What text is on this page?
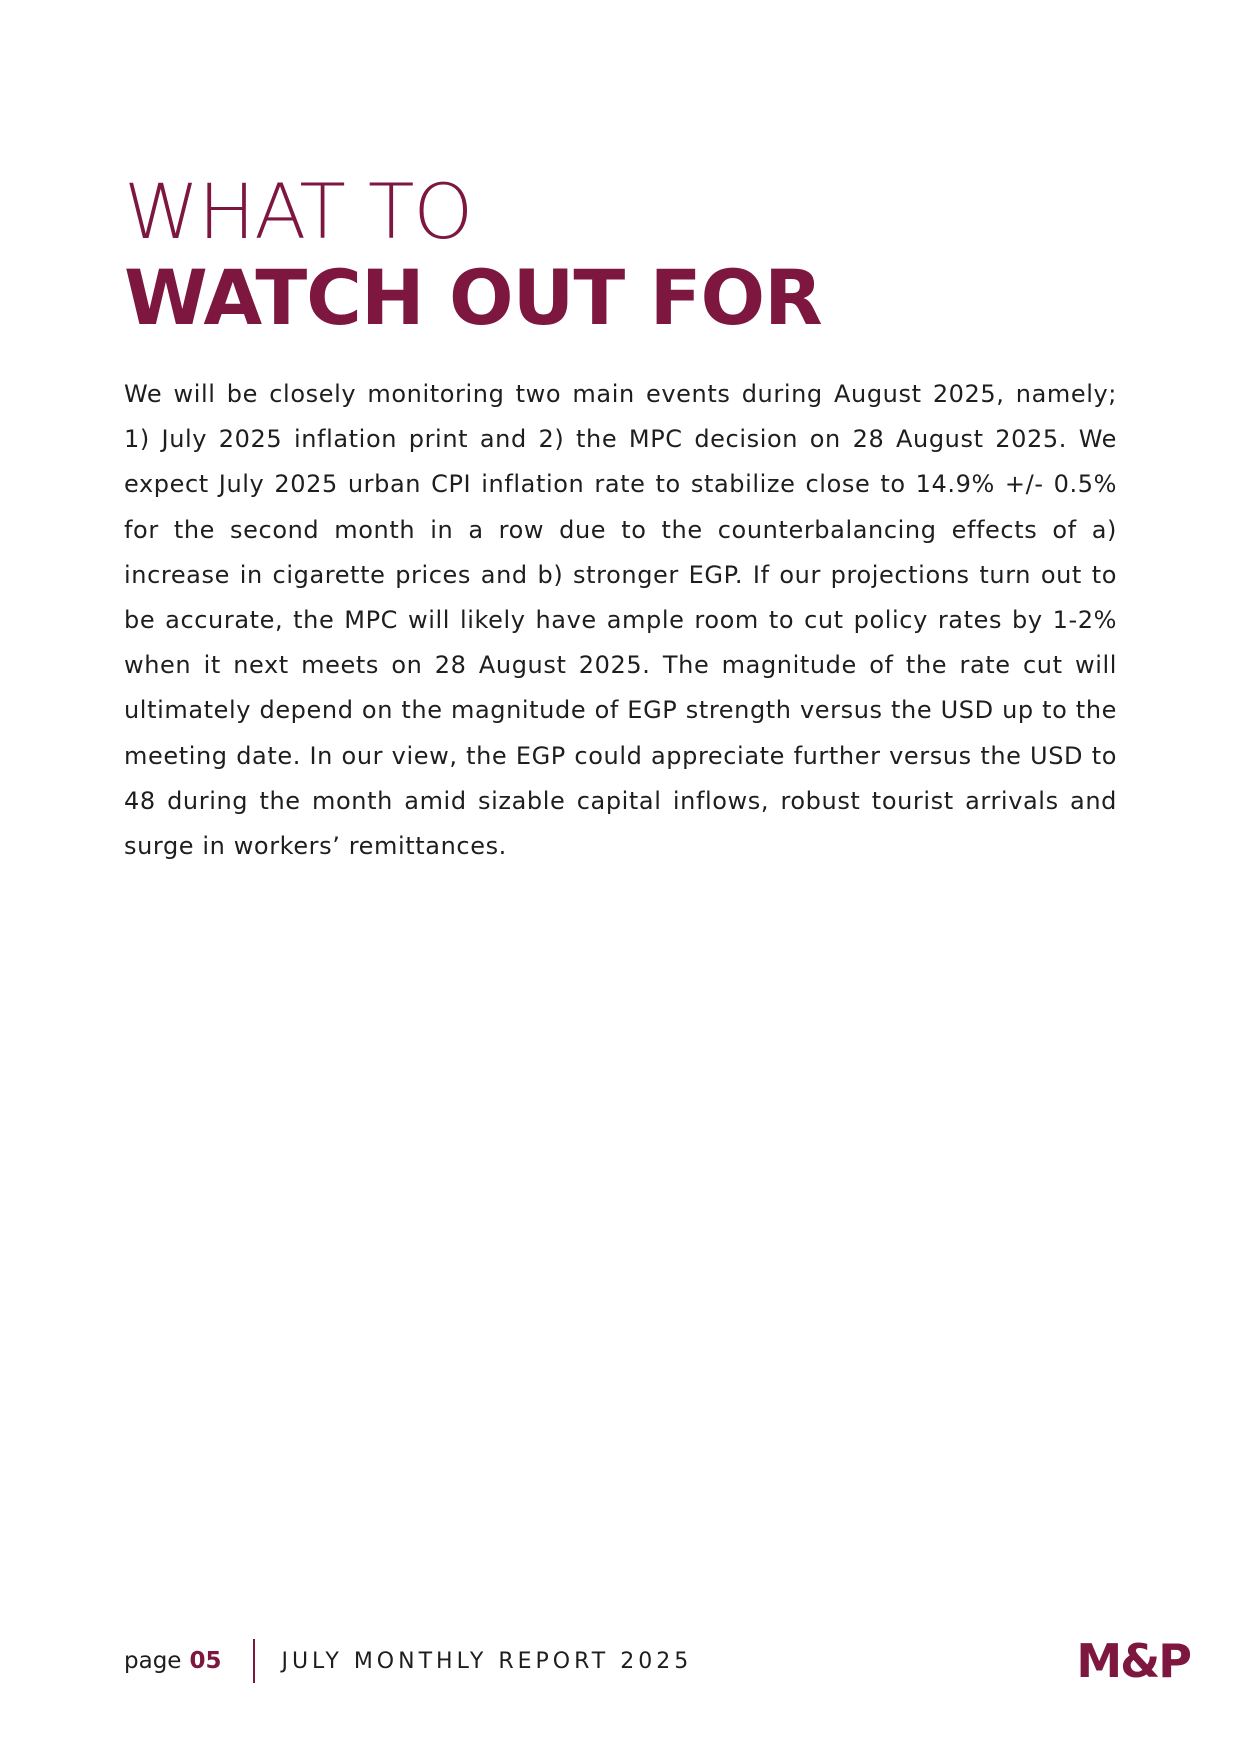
WHAT TO
WATCH OUT FOR

We will be closely monitoring two main events during August 2025, namely; 1) July 2025 inflation print and 2) the MPC decision on 28 August 2025. We expect July 2025 urban CPI inflation rate to stabilize close to 14.9% +/- 0.5% for the second month in a row due to the counterbalancing effects of a) increase in cigarette prices and b) stronger EGP. If our projections turn out to be accurate, the MPC will likely have ample room to cut policy rates by 1-2% when it next meets on 28 August 2025. The magnitude of the rate cut will ultimately depend on the magnitude of EGP strength versus the USD up to the meeting date. In our view, the EGP could appreciate further versus the USD to 48 during the month amid sizable capital inflows, robust tourist arrivals and surge in workers’ remittances.

page 05	JULY MONTHLY REPORT 2025	M&P
